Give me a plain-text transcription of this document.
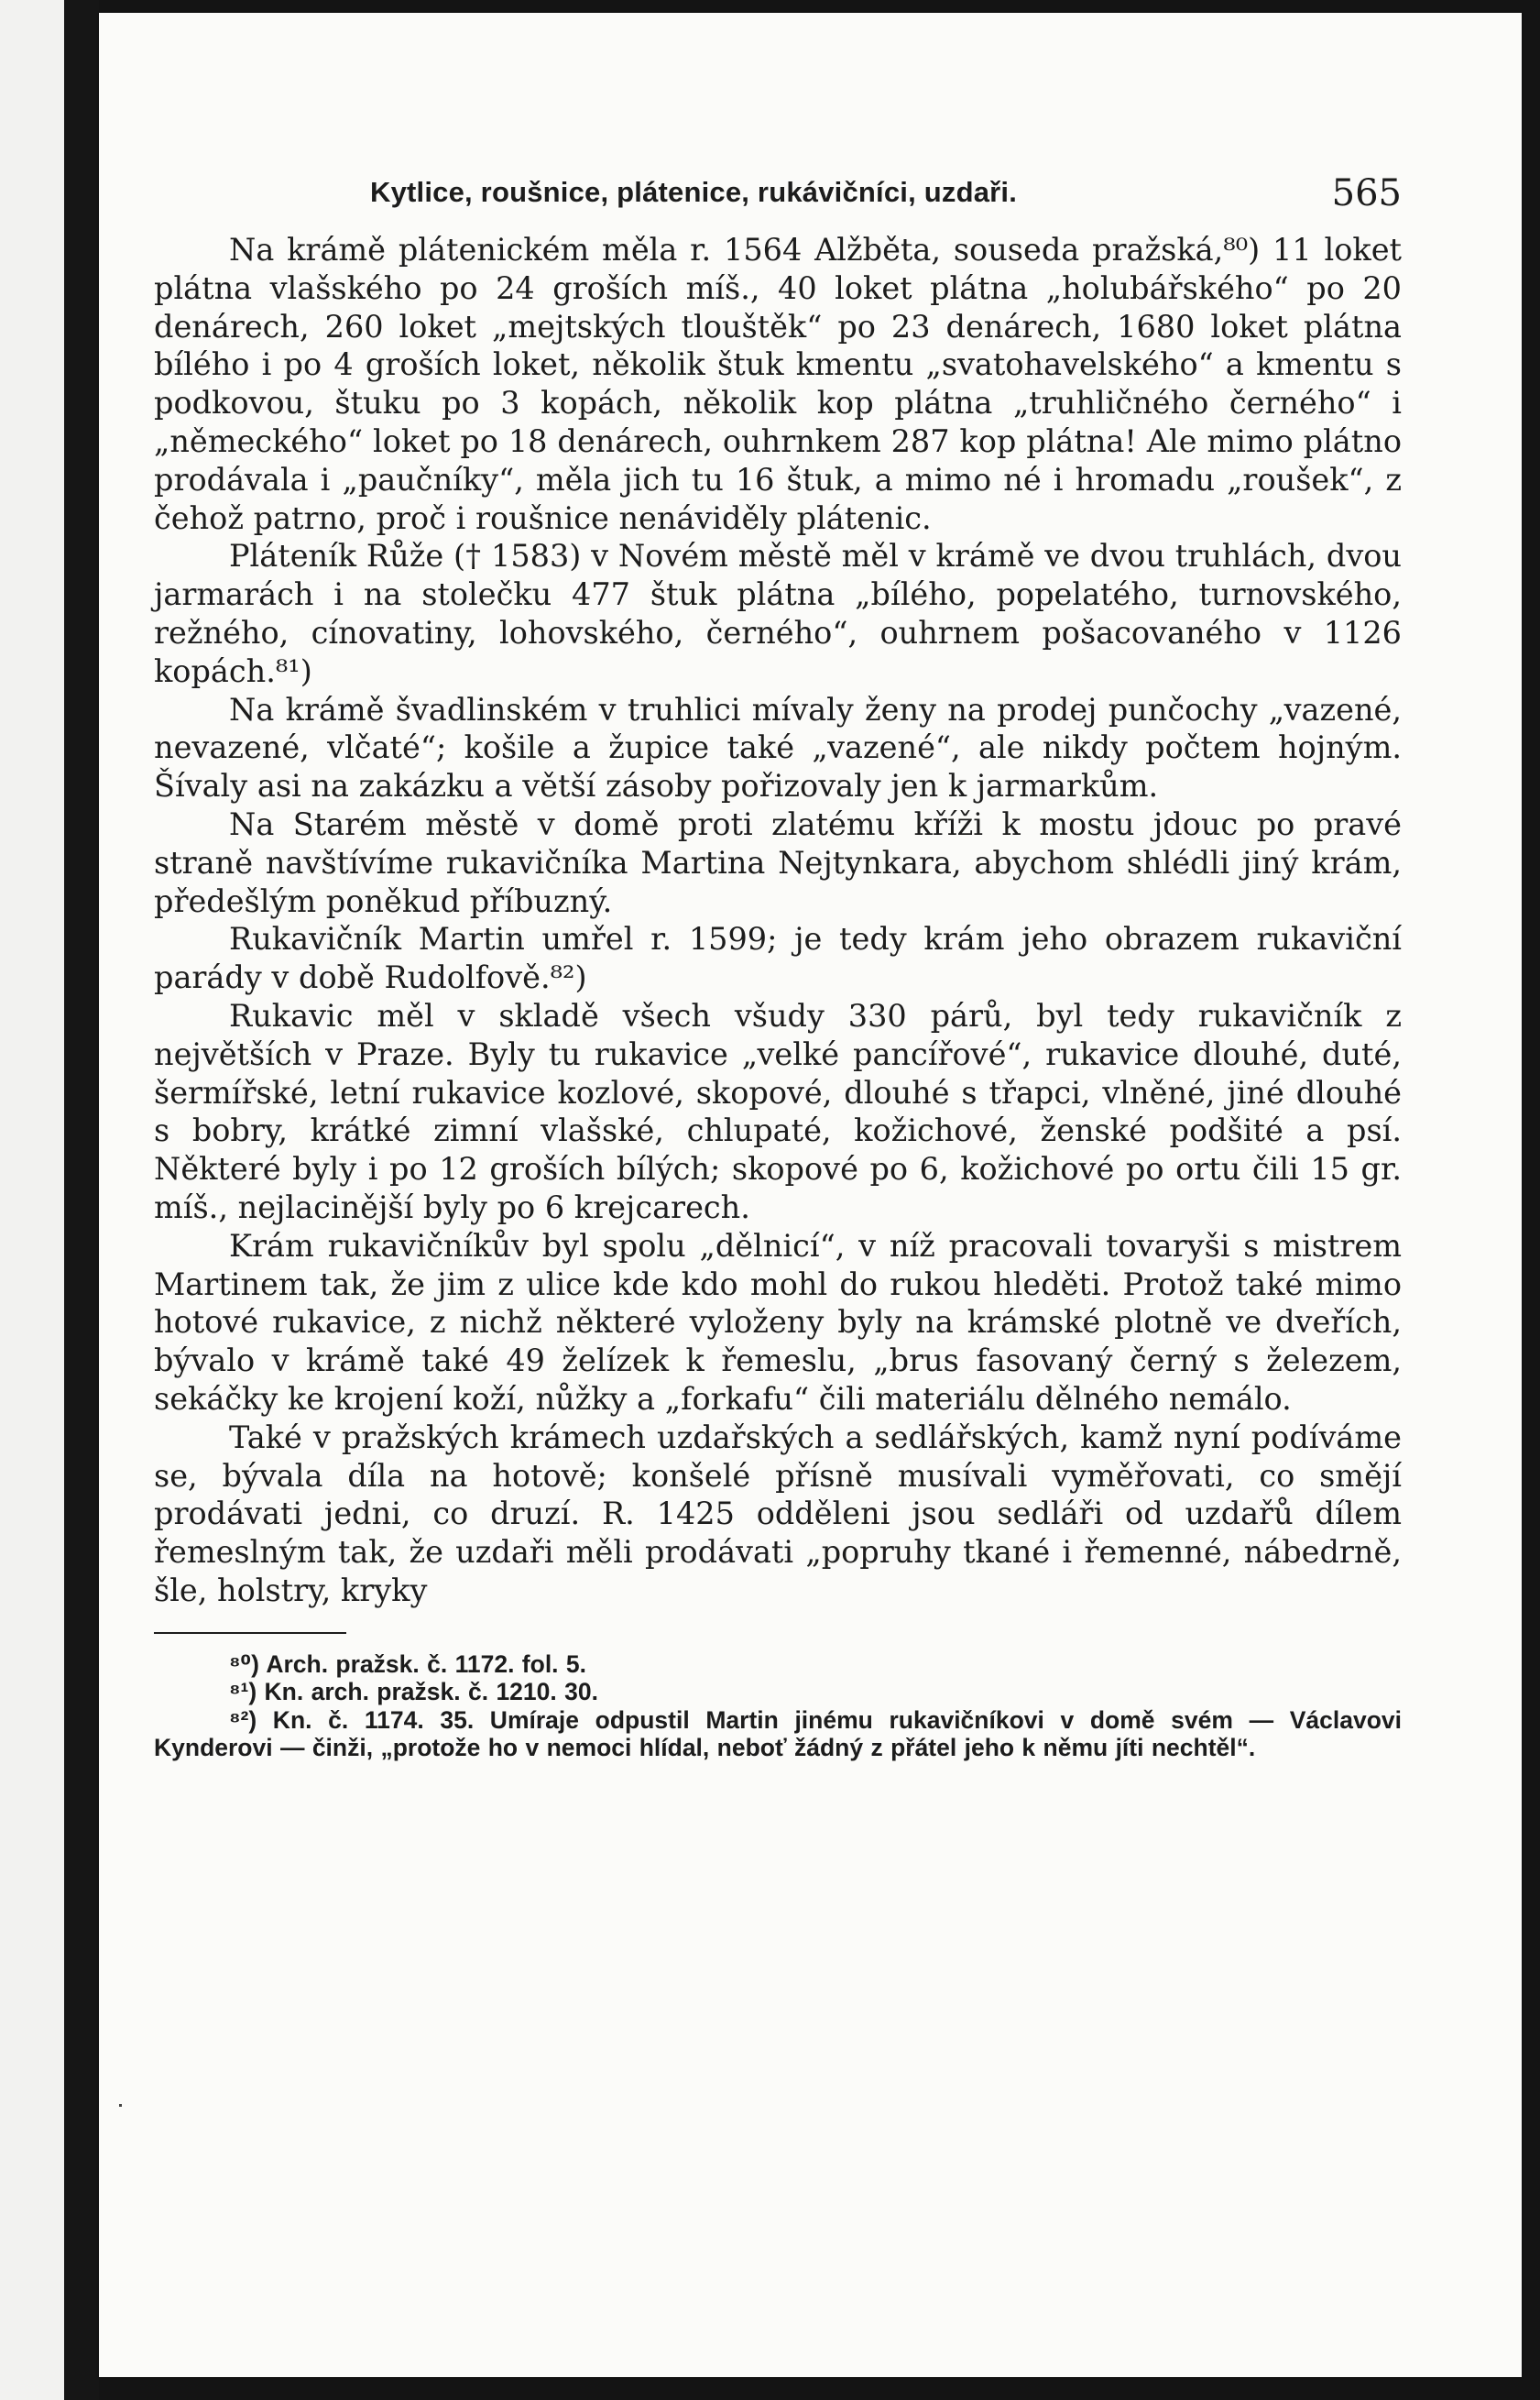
Kytlice, roušnice, plátenice, rukávičníci, uzdaři.	565

Na krámě plátenickém měla r. 1564 Alžběta, souseda pražská,⁸⁰) 11 loket plátna vlašského po 24 groších míš., 40 loket plátna „holubářského“ po 20 denárech, 260 loket „mejtských tlouštěk“ po 23 denárech, 1680 loket plátna bílého i po 4 groších loket, několik štuk kmentu „svatohavelského“ a kmentu s podkovou, štuku po 3 kopách, několik kop plátna „truhličného černého“ i „německého“ loket po 18 denárech, ouhrnkem 287 kop plátna! Ale mimo plátno prodávala i „paučníky“, měla jich tu 16 štuk, a mimo né i hromadu „roušek“, z čehož patrno, proč i roušnice nenáviděly plátenic.

Pláteník Růže († 1583) v Novém městě měl v krámě ve dvou truhlách, dvou jarmarách i na stolečku 477 štuk plátna „bílého, popelatého, turnovského, režného, cínovatiny, lohovského, černého“, ouhrnem pošacovaného v 1126 kopách.⁸¹)

Na krámě švadlinském v truhlici mívaly ženy na prodej punčochy „vazené, nevazené, vlčaté“; košile a župice také „vazené“, ale nikdy počtem hojným. Šívaly asi na zakázku a větší zásoby pořizovaly jen k jarmarkům.

Na Starém městě v domě proti zlatému kříži k mostu jdouc po pravé straně navštívíme rukavičníka Martina Nejtynkara, abychom shlédli jiný krám, předešlým poněkud příbuzný.

Rukavičník Martin umřel r. 1599; je tedy krám jeho obrazem rukaviční parády v době Rudolfově.⁸²)

Rukavic měl v skladě všech všudy 330 párů, byl tedy rukavičník z největších v Praze. Byly tu rukavice „velké pancířové“, rukavice dlouhé, duté, šermířské, letní rukavice kozlové, skopové, dlouhé s třapci, vlněné, jiné dlouhé s bobry, krátké zimní vlašské, chlupaté, kožichové, ženské podšité a psí. Některé byly i po 12 groších bílých; skopové po 6, kožichové po ortu čili 15 gr. míš., nejlacinější byly po 6 krejcarech.

Krám rukavičníkův byl spolu „dělnicí“, v níž pracovali tovaryši s mistrem Martinem tak, že jim z ulice kde kdo mohl do rukou hleděti. Protož také mimo hotové rukavice, z nichž některé vyloženy byly na krámské plotně ve dveřích, bývalo v krámě také 49 želízek k řemeslu, „brus fasovaný černý s železem, sekáčky ke krojení koží, nůžky a „forkafu“ čili materiálu dělného nemálo.

Také v pražských krámech uzdařských a sedlářských, kamž nyní podíváme se, bývala díla na hotově; konšelé přísně musívali vyměřovati, co smějí prodávati jedni, co druzí. R. 1425 odděleni jsou sedláři od uzdařů dílem řemeslným tak, že uzdaři měli prodávati „popruhy tkané i řemenné, nábedrně, šle, holstry, kryky

⁸⁰) Arch. pražsk. č. 1172. fol. 5.

⁸¹) Kn. arch. pražsk. č. 1210. 30.

⁸²) Kn. č. 1174. 35. Umíraje odpustil Martin jinému rukavičníkovi v domě svém — Václavovi Kynderovi — činži, „protože ho v nemoci hlídal, neboť žádný z přátel jeho k němu jíti nechtěl“.
